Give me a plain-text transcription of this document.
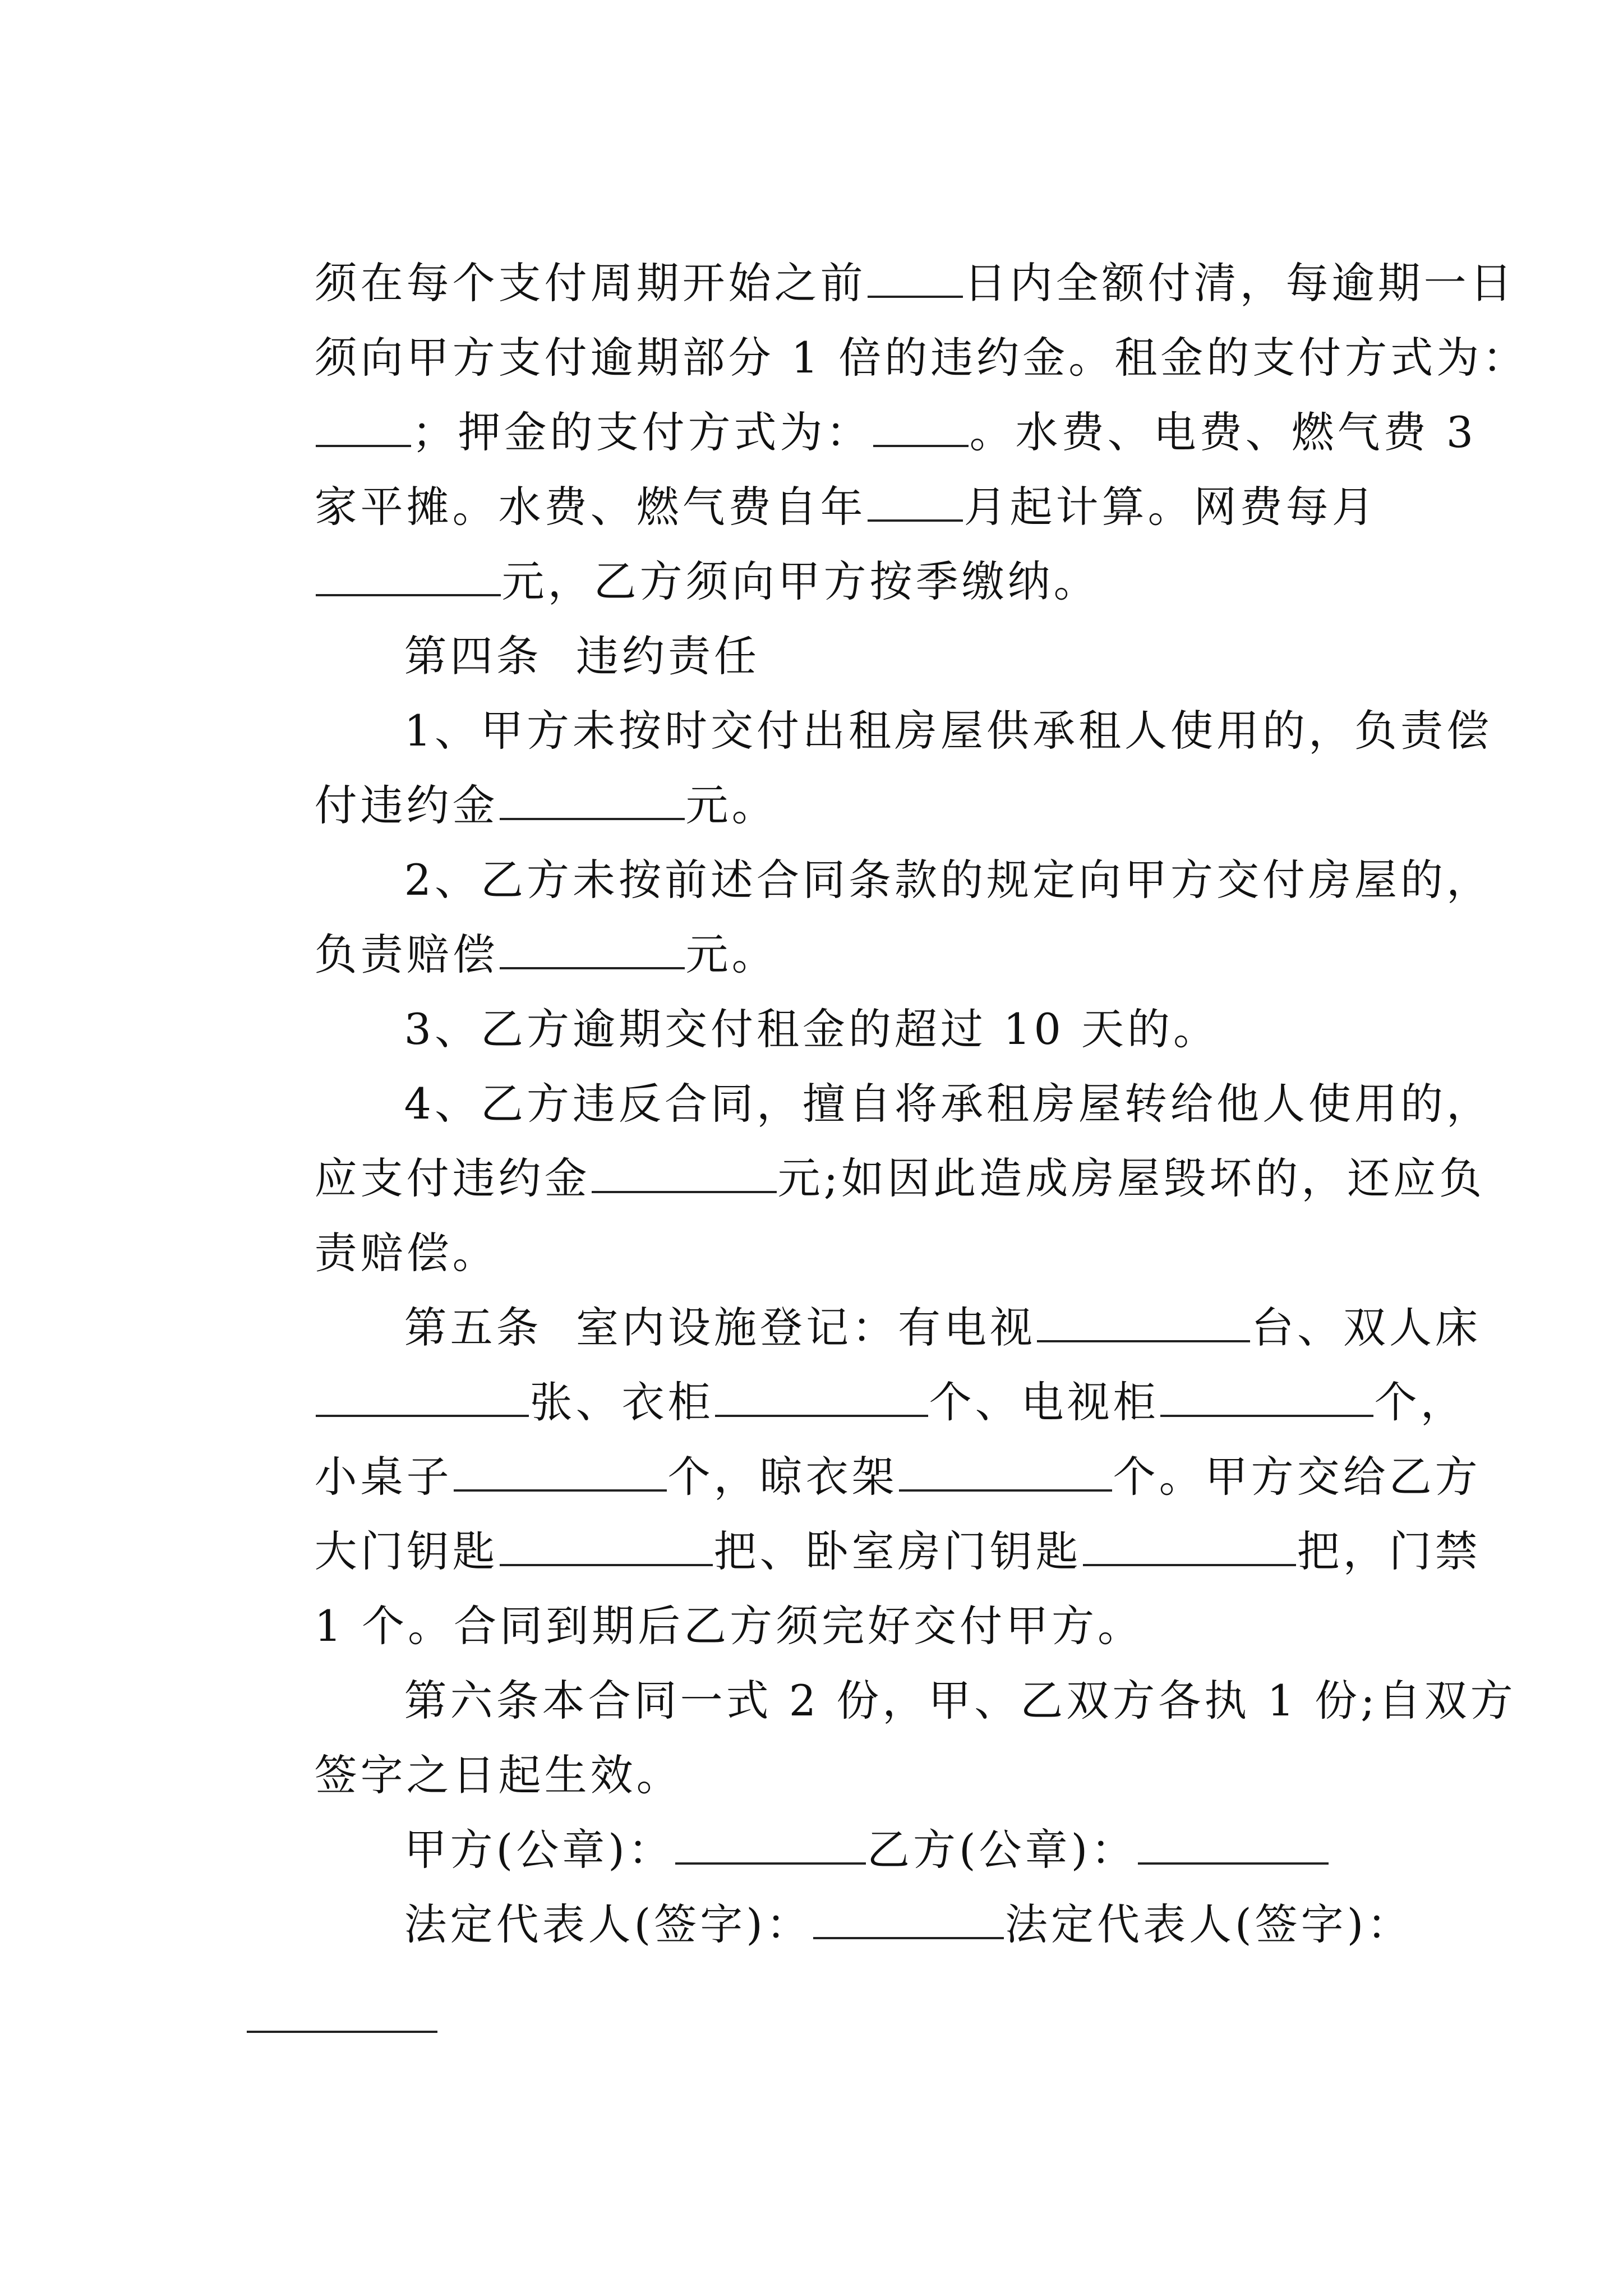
须在每个支付周期开始之前 日内全额付清，每逾期一日

须向甲方支付逾期部分 1 倍的违约金。租金的支付方式为：

；押金的支付方式为： 。水费、电费、燃气费 3

家平摊。水费、燃气费自年 月起计算。网费每月

元，乙方须向甲方按季缴纳。

第四条  违约责任

1、甲方未按时交付出租房屋供承租人使用的，负责偿

付违约金	元。

2、乙方未按前述合同条款的规定向甲方交付房屋的，

负责赔偿	元。

3、乙方逾期交付租金的超过 10 天的。

4、乙方违反合同，擅自将承租房屋转给他人使用的，

应支付违约金	元;如因此造成房屋毁坏的，还应负

责赔偿。

第五条  室内设施登记：有电视	台、双人床

张、衣柜	个、电视柜	个，

小桌子	个，晾衣架	个。甲方交给乙方

大门钥匙	把、卧室房门钥匙	把，门禁

1 个。合同到期后乙方须完好交付甲方。

第六条本合同一式 2 份，甲、乙双方各执 1 份;自双方

签字之日起生效。

甲方(公章)：	乙方(公章)：

法定代表人(签字)：	法定代表人(签字)：
